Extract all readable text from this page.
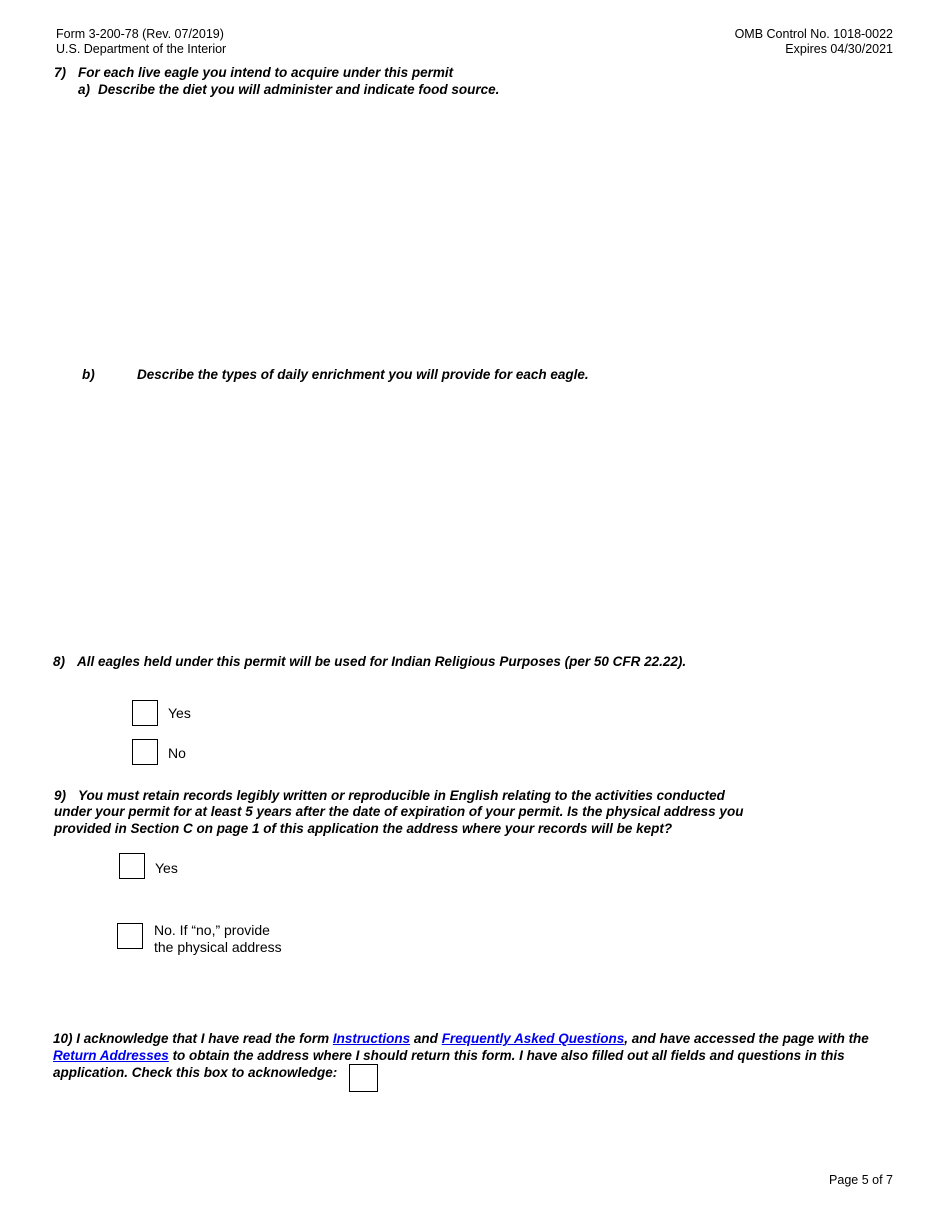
Form 3-200-78 (Rev. 07/2019)
U.S. Department of the Interior
OMB Control No. 1018-0022
Expires 04/30/2021
7) For each live eagle you intend to acquire under this permit
a) Describe the diet you will administer and indicate food source.
b)	Describe the types of daily enrichment you will provide for each eagle.
8) All eagles held under this permit will be used for Indian Religious Purposes (per 50 CFR 22.22).
Yes
No
9) You must retain records legibly written or reproducible in English relating to the activities conducted
under your permit for at least 5 years after the date of expiration of your permit. Is the physical address you
provided in Section C on page 1 of this application the address where your records will be kept?
Yes
No. If “no,” provide
the physical address
10) I acknowledge that I have read the form Instructions and Frequently Asked Questions, and have accessed the page with the
Return Addresses to obtain the address where I should return this form. I have also filled out all fields and questions in this
application. Check this box to acknowledge:
Page 5 of 7
